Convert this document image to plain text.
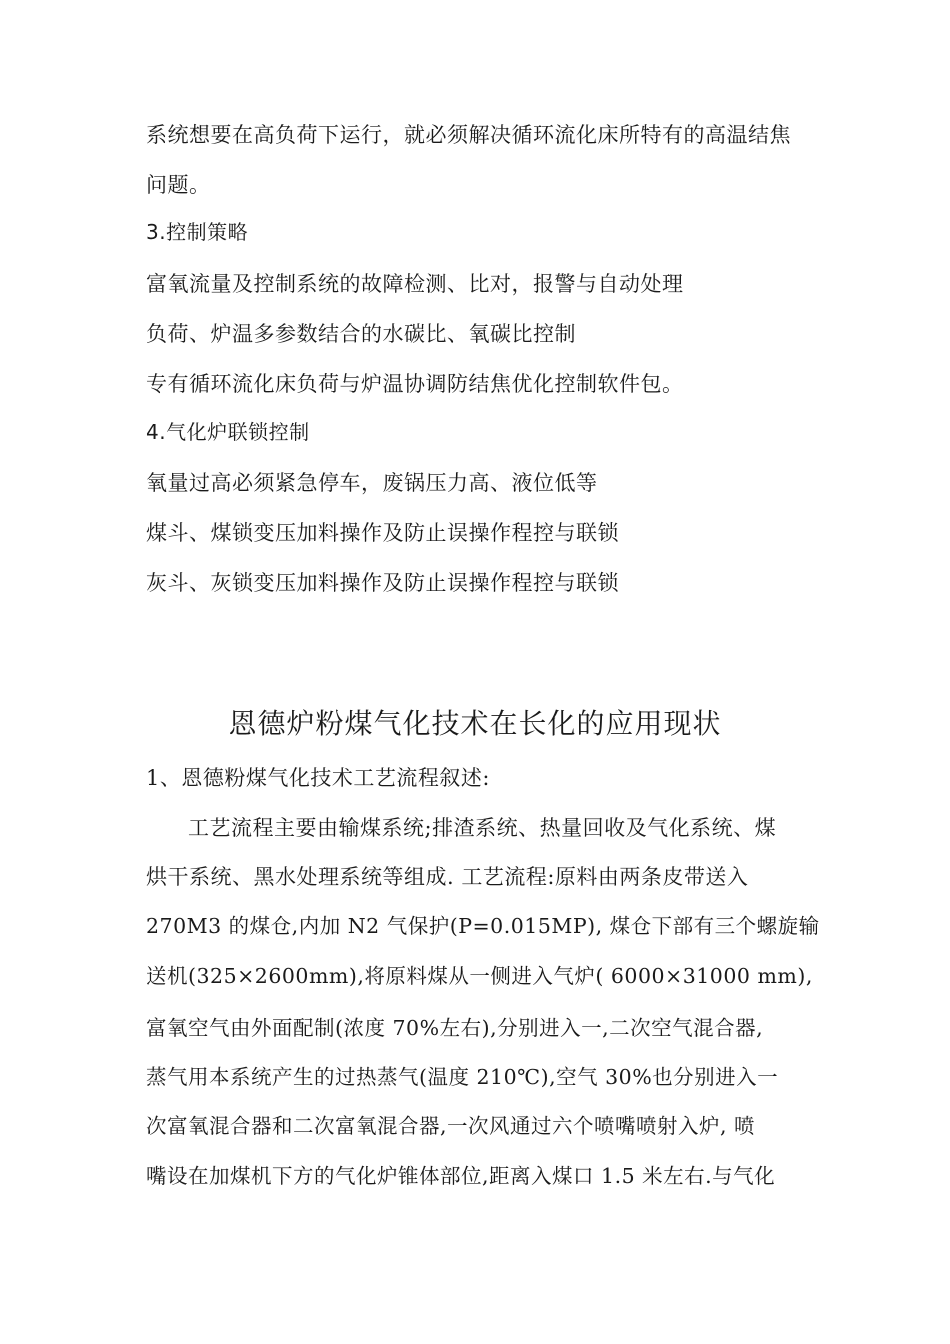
系统想要在高负荷下运行，就必须解决循环流化床所特有的高温结焦
问题。
3.控制策略
富氧流量及控制系统的故障检测、比对，报警与自动处理
负荷、炉温多参数结合的水碳比、氧碳比控制
专有循环流化床负荷与炉温协调防结焦优化控制软件包。
4.气化炉联锁控制
氧量过高必须紧急停车，废锅压力高、液位低等
煤斗、煤锁变压加料操作及防止误操作程控与联锁
灰斗、灰锁变压加料操作及防止误操作程控与联锁
恩德炉粉煤气化技术在长化的应用现状
1、恩德粉煤气化技术工艺流程叙述:
工艺流程主要由输煤系统;排渣系统、热量回收及气化系统、煤
烘干系统、黑水处理系统等组成. 工艺流程:原料由两条皮带送入
270M3 的煤仓,内加 N2 气保护(P=0.015MP), 煤仓下部有三个螺旋输
送机(325×2600mm),将原料煤从一侧进入气炉( 6000×31000 mm),
富氧空气由外面配制(浓度 70%左右),分别进入一,二次空气混合器,
蒸气用本系统产生的过热蒸气(温度 210℃),空气 30%也分别进入一
次富氧混合器和二次富氧混合器,一次风通过六个喷嘴喷射入炉, 喷
嘴设在加煤机下方的气化炉锥体部位,距离入煤口 1.5 米左右.与气化
